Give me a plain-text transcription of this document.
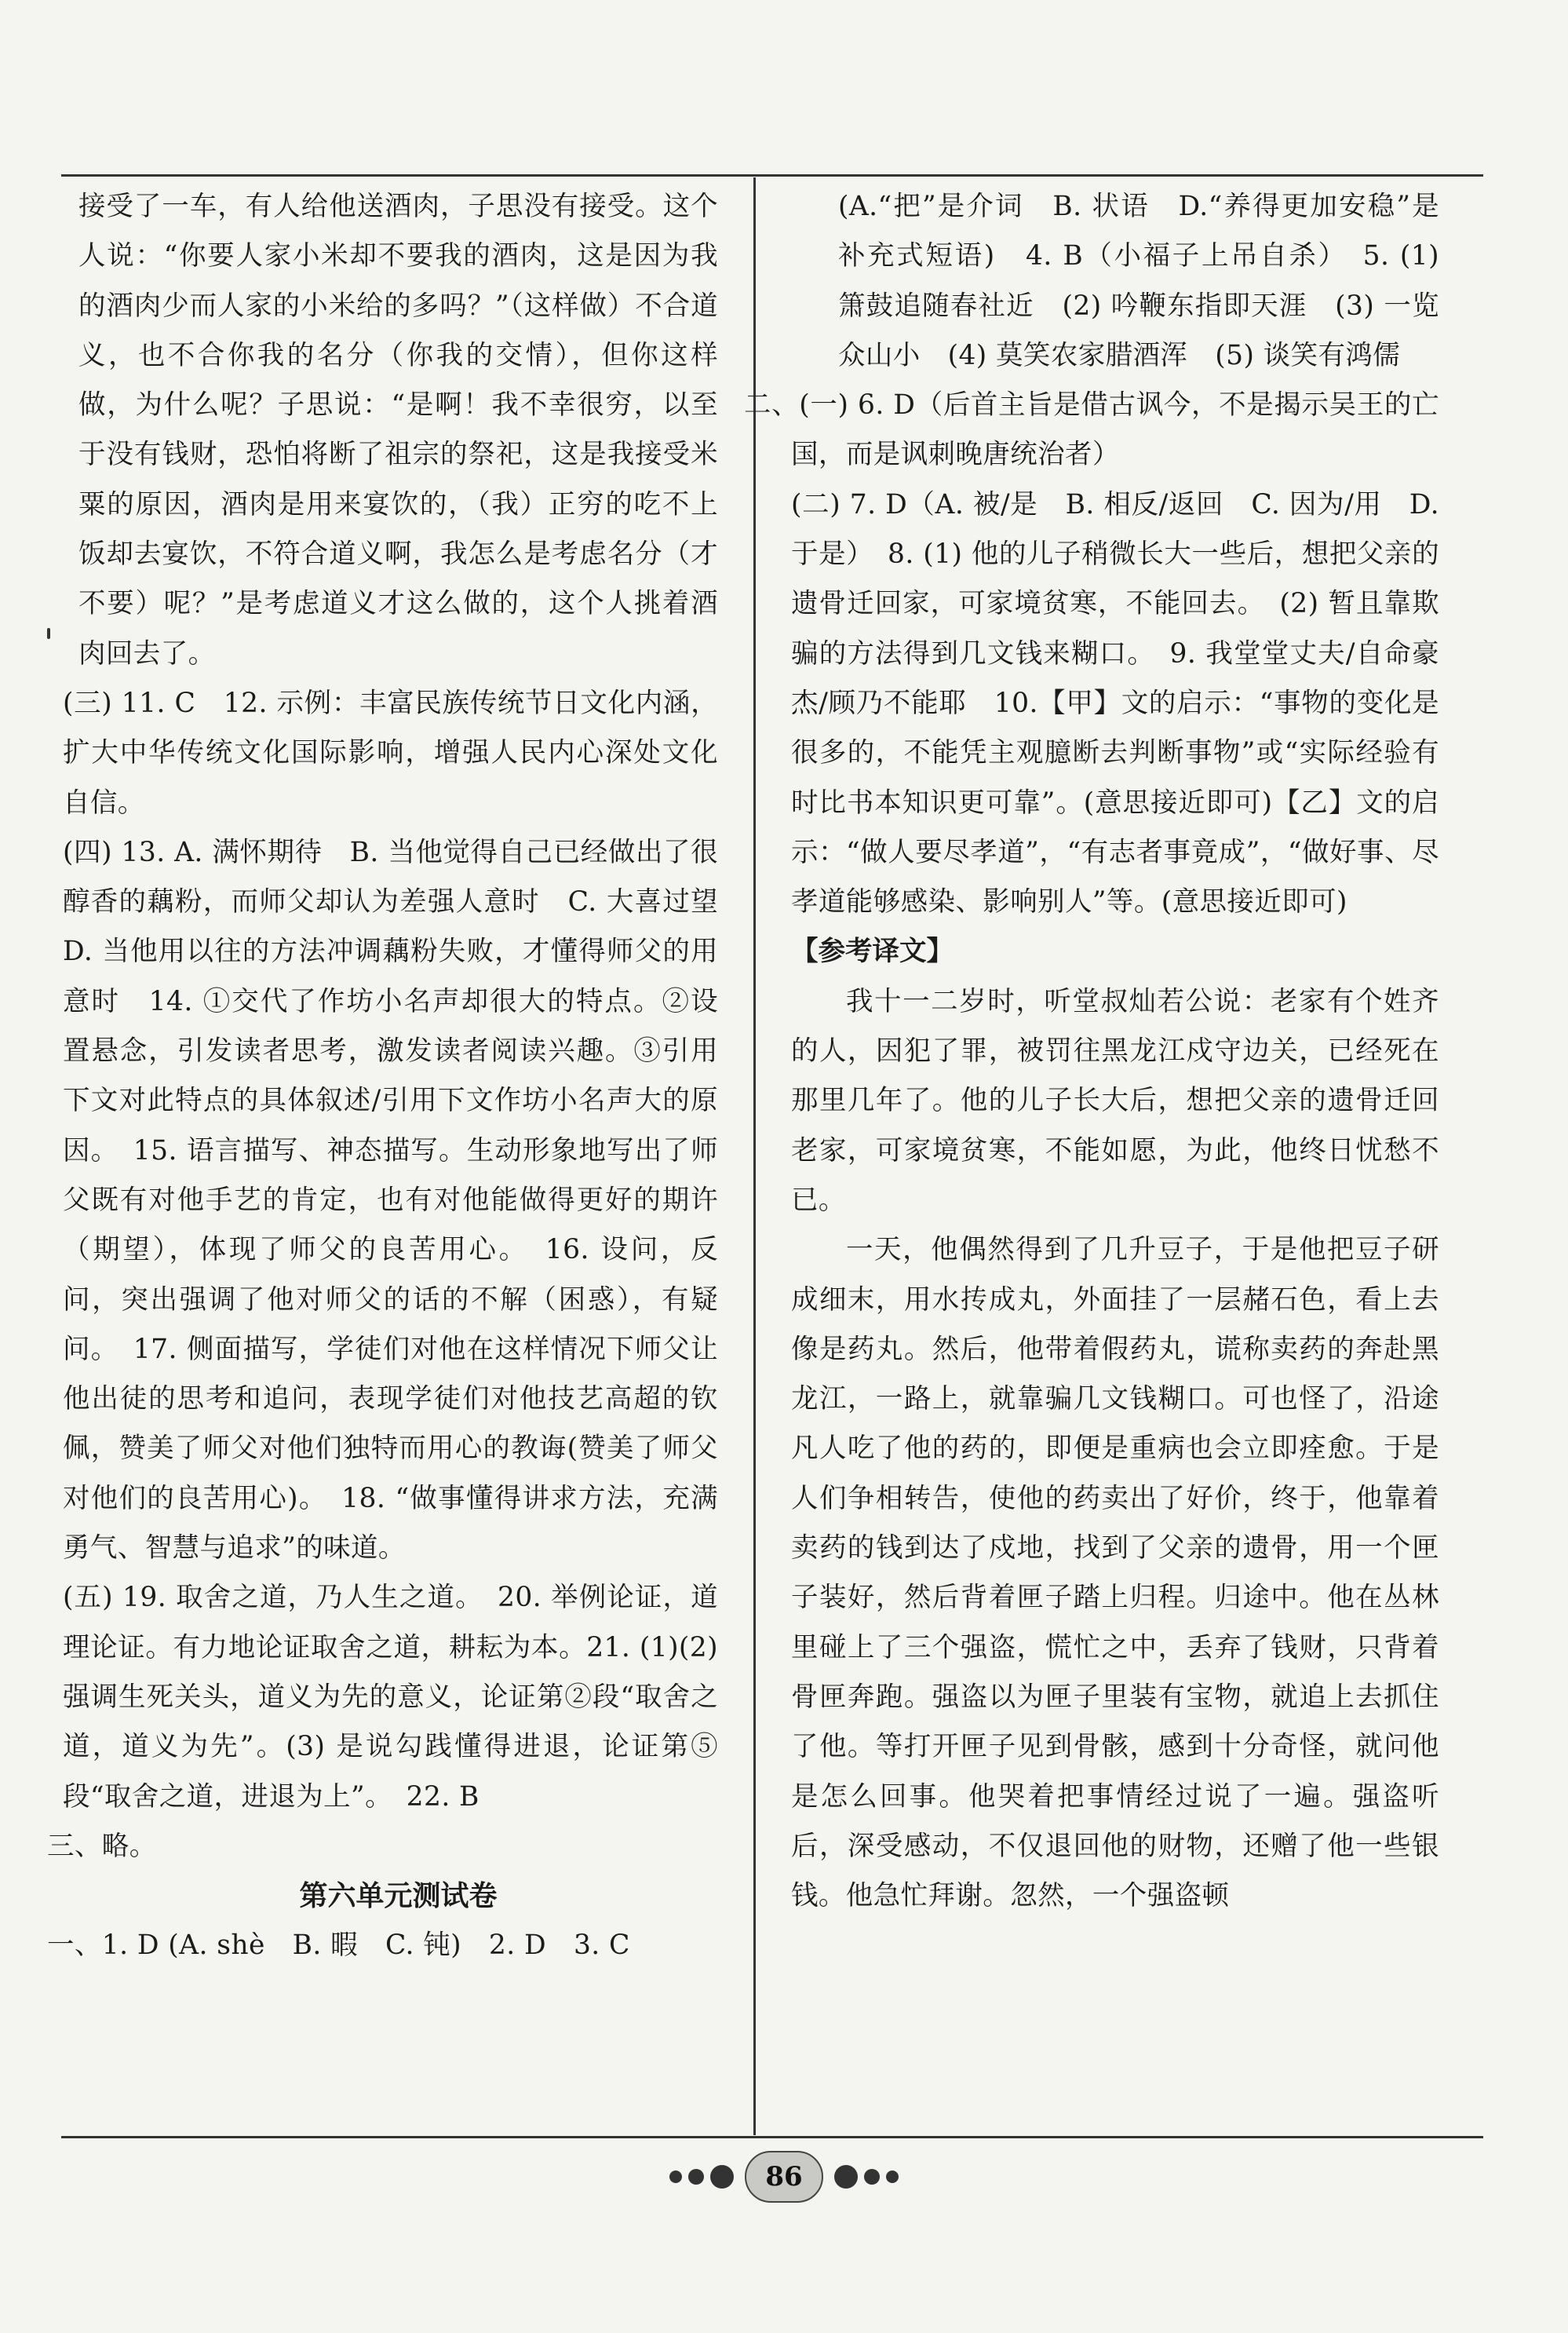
接受了一车，有人给他送酒肉，子思没有接受。这个人说：“你要人家小米却不要我的酒肉，这是因为我的酒肉少而人家的小米给的多吗？”（这样做）不合道义，也不合你我的名分（你我的交情），但你这样做，为什么呢？子思说：“是啊！我不幸很穷，以至于没有钱财，恐怕将断了祖宗的祭祀，这是我接受米粟的原因，酒肉是用来宴饮的，（我）正穷的吃不上饭却去宴饮，不符合道义啊，我怎么是考虑名分（才不要）呢？”是考虑道义才这么做的，这个人挑着酒肉回去了。

(三) 11. C　12. 示例：丰富民族传统节日文化内涵，扩大中华传统文化国际影响，增强人民内心深处文化自信。

(四) 13. A. 满怀期待　B. 当他觉得自己已经做出了很醇香的藕粉，而师父却认为差强人意时　C. 大喜过望　D. 当他用以往的方法冲调藕粉失败，才懂得师父的用意时　14. ①交代了作坊小名声却很大的特点。②设置悬念，引发读者思考，激发读者阅读兴趣。③引用下文对此特点的具体叙述/引用下文作坊小名声大的原因。　15. 语言描写、神态描写。生动形象地写出了师父既有对他手艺的肯定，也有对他能做得更好的期许（期望），体现了师父的良苦用心。　16. 设问，反问，突出强调了他对师父的话的不解（困惑），有疑问。　17. 侧面描写，学徒们对他在这样情况下师父让他出徒的思考和追问，表现学徒们对他技艺高超的钦佩，赞美了师父对他们独特而用心的教诲(赞美了师父对他们的良苦用心)。　18. “做事懂得讲求方法，充满勇气、智慧与追求”的味道。

(五) 19. 取舍之道，乃人生之道。　20. 举例论证，道理论证。有力地论证取舍之道，耕耘为本。21. (1)(2) 强调生死关头，道义为先的意义，论证第②段“取舍之道，道义为先”。(3) 是说勾践懂得进退，论证第⑤段“取舍之道，进退为上”。　22. B

三、略。

第六单元测试卷

一、1. D (A. shè　B. 暇　C. 钝)　2. D　3. C

(A.“把”是介词　B. 状语　D.“养得更加安稳”是补充式短语)　4. B（小福子上吊自杀）　5. (1) 箫鼓追随春社近　(2) 吟鞭东指即天涯　(3) 一览众山小　(4) 莫笑农家腊酒浑　(5) 谈笑有鸿儒

二、(一) 6. D（后首主旨是借古讽今，不是揭示吴王的亡国，而是讽刺晚唐统治者）

(二) 7. D（A. 被/是　B. 相反/返回　C. 因为/用　D. 于是）　8. (1) 他的儿子稍微长大一些后，想把父亲的遗骨迁回家，可家境贫寒，不能回去。　(2) 暂且靠欺骗的方法得到几文钱来糊口。　9. 我堂堂丈夫/自命豪杰/顾乃不能耶　10.【甲】文的启示：“事物的变化是很多的，不能凭主观臆断去判断事物”或“实际经验有时比书本知识更可靠”。(意思接近即可)【乙】文的启示：“做人要尽孝道”，“有志者事竟成”，“做好事、尽孝道能够感染、影响别人”等。(意思接近即可)

【参考译文】

我十一二岁时，听堂叔灿若公说：老家有个姓齐的人，因犯了罪，被罚往黑龙江戍守边关，已经死在那里几年了。他的儿子长大后，想把父亲的遗骨迁回老家，可家境贫寒，不能如愿，为此，他终日忧愁不已。

一天，他偶然得到了几升豆子，于是他把豆子研成细末，用水抟成丸，外面挂了一层赭石色，看上去像是药丸。然后，他带着假药丸，谎称卖药的奔赴黑龙江，一路上，就靠骗几文钱糊口。可也怪了，沿途凡人吃了他的药的，即便是重病也会立即痊愈。于是人们争相转告，使他的药卖出了好价，终于，他靠着卖药的钱到达了戍地，找到了父亲的遗骨，用一个匣子装好，然后背着匣子踏上归程。归途中。他在丛林里碰上了三个强盗，慌忙之中，丢弃了钱财，只背着骨匣奔跑。强盗以为匣子里装有宝物，就追上去抓住了他。等打开匣子见到骨骸，感到十分奇怪，就问他是怎么回事。他哭着把事情经过说了一遍。强盗听后，深受感动，不仅退回他的财物，还赠了他一些银钱。他急忙拜谢。忽然，一个强盗顿

86
